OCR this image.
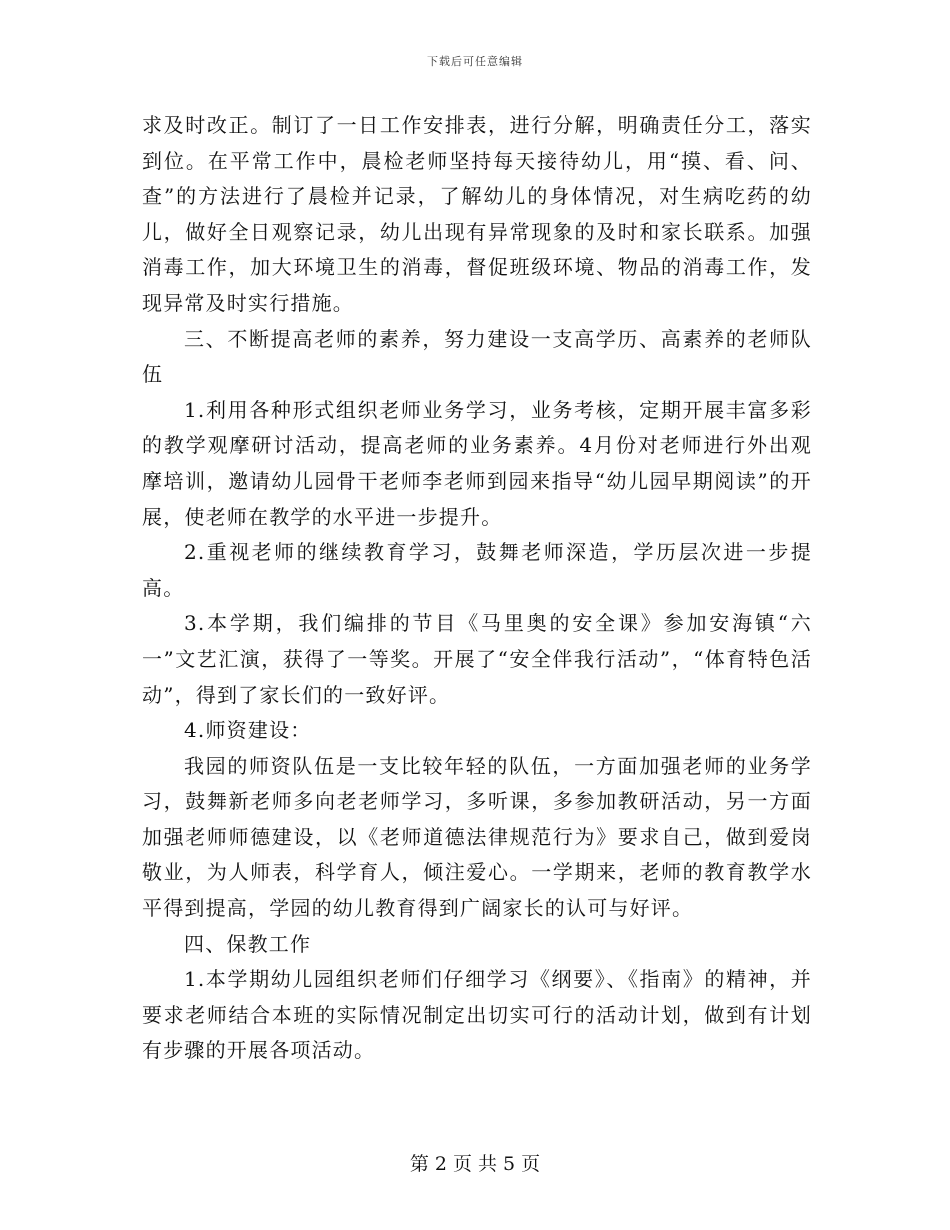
下载后可任意编辑

求及时改正。制订了一日工作安排表，进行分解，明确责任分工，落实到位。在平常工作中，晨检老师坚持每天接待幼儿，用“摸、看、问、查”的方法进行了晨检并记录，了解幼儿的身体情况，对生病吃药的幼儿，做好全日观察记录，幼儿出现有异常现象的及时和家长联系。加强消毒工作，加大环境卫生的消毒，督促班级环境、物品的消毒工作，发现异常及时实行措施。

三、不断提高老师的素养，努力建设一支高学历、高素养的老师队伍

1.利用各种形式组织老师业务学习，业务考核，定期开展丰富多彩的教学观摩研讨活动，提高老师的业务素养。4月份对老师进行外出观摩培训，邀请幼儿园骨干老师李老师到园来指导“幼儿园早期阅读”的开展，使老师在教学的水平进一步提升。

2.重视老师的继续教育学习，鼓舞老师深造，学历层次进一步提高。

3.本学期，我们编排的节目《马里奥的安全课》参加安海镇“六一”文艺汇演，获得了一等奖。开展了“安全伴我行活动”，“体育特色活动”，得到了家长们的一致好评。

4.师资建设：

我园的师资队伍是一支比较年轻的队伍，一方面加强老师的业务学习，鼓舞新老师多向老老师学习，多听课，多参加教研活动，另一方面加强老师师德建设，以《老师道德法律规范行为》要求自己，做到爱岗敬业，为人师表，科学育人，倾注爱心。一学期来，老师的教育教学水平得到提高，学园的幼儿教育得到广阔家长的认可与好评。

四、保教工作

1.本学期幼儿园组织老师们仔细学习《纲要》、《指南》的精神，并要求老师结合本班的实际情况制定出切实可行的活动计划，做到有计划有步骤的开展各项活动。

第 2 页 共 5 页
